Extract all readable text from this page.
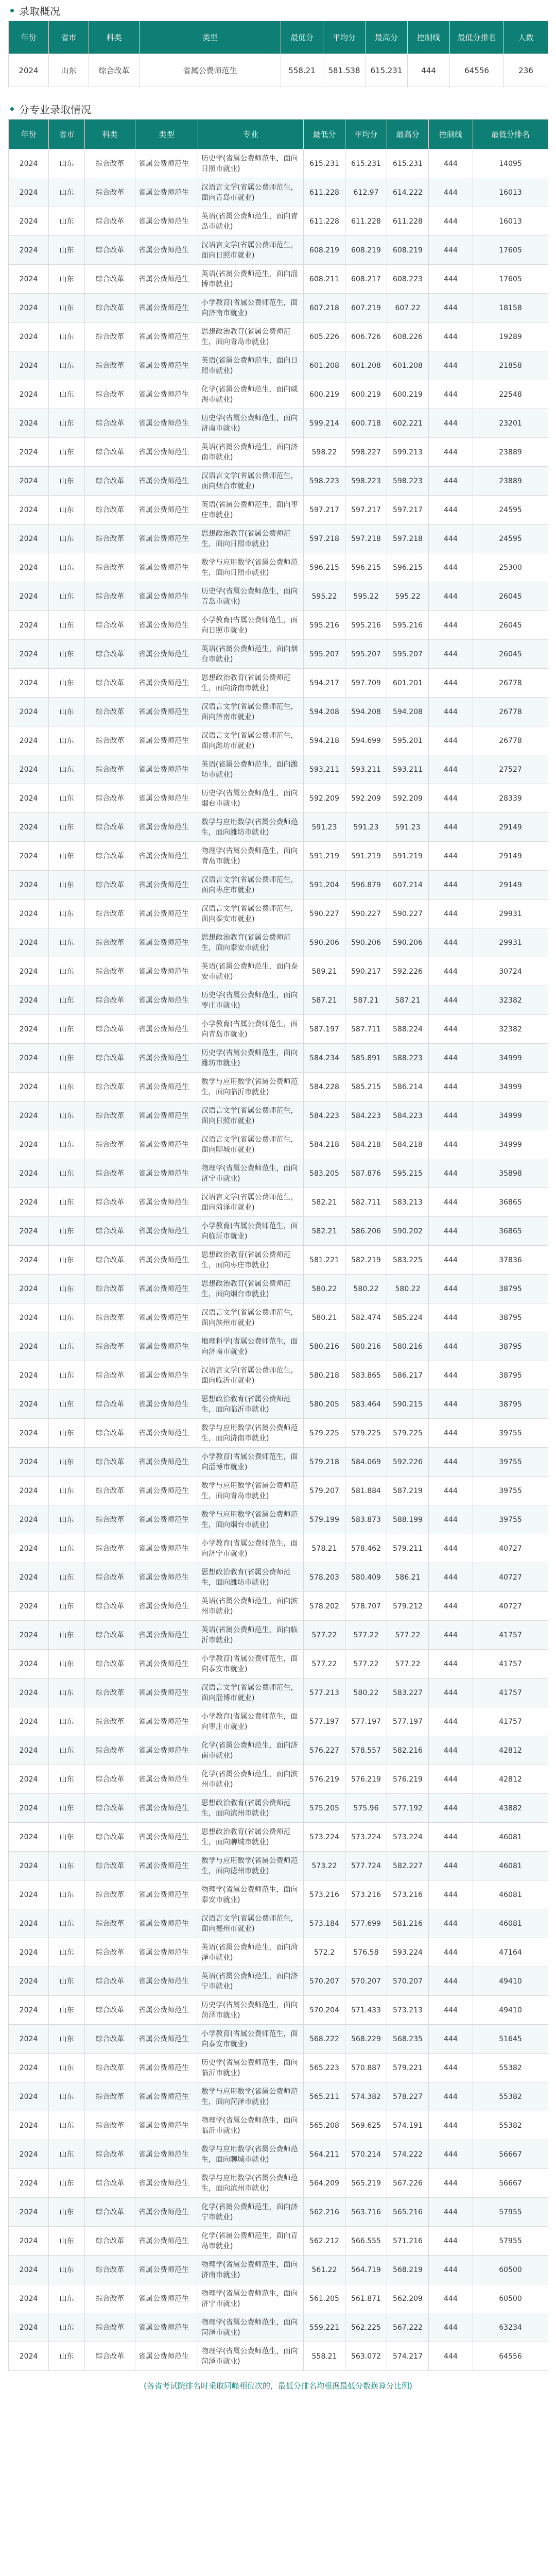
录取概况
年份	省市	科类	类型	最低分	平均分	最高分	控制线	最低分排名	人数
2024	山东	综合改革	省属公费师范生	558.21	581.538	615.231	444	64556	236
分专业录取情况
年份	省市	科类	类型	专业	最低分	平均分	最高分	控制线	最低分排名
2024	山东	综合改革	省属公费师范生	历史学(省属公费师范生，面向日照市就业)	615.231	615.231	615.231	444	14095
2024	山东	综合改革	省属公费师范生	汉语言文学(省属公费师范生，面向青岛市就业)	611.228	612.97	614.222	444	16013
2024	山东	综合改革	省属公费师范生	英语(省属公费师范生，面向青岛市就业)	611.228	611.228	611.228	444	16013
2024	山东	综合改革	省属公费师范生	汉语言文学(省属公费师范生，面向日照市就业)	608.219	608.219	608.219	444	17605
2024	山东	综合改革	省属公费师范生	英语(省属公费师范生，面向淄博市就业)	608.211	608.217	608.223	444	17605
2024	山东	综合改革	省属公费师范生	小学教育(省属公费师范生，面向济南市就业)	607.218	607.219	607.22	444	18158
2024	山东	综合改革	省属公费师范生	思想政治教育(省属公费师范生，面向青岛市就业)	605.226	606.726	608.226	444	19289
2024	山东	综合改革	省属公费师范生	英语(省属公费师范生，面向日照市就业)	601.208	601.208	601.208	444	21858
2024	山东	综合改革	省属公费师范生	化学(省属公费师范生，面向威海市就业)	600.219	600.219	600.219	444	22548
2024	山东	综合改革	省属公费师范生	历史学(省属公费师范生，面向济南市就业)	599.214	600.718	602.221	444	23201
2024	山东	综合改革	省属公费师范生	英语(省属公费师范生，面向济南市就业)	598.22	598.227	599.213	444	23889
2024	山东	综合改革	省属公费师范生	汉语言文学(省属公费师范生，面向烟台市就业)	598.223	598.223	598.223	444	23889
2024	山东	综合改革	省属公费师范生	英语(省属公费师范生，面向枣庄市就业)	597.217	597.217	597.217	444	24595
2024	山东	综合改革	省属公费师范生	思想政治教育(省属公费师范生，面向日照市就业)	597.218	597.218	597.218	444	24595
2024	山东	综合改革	省属公费师范生	数学与应用数学(省属公费师范生，面向日照市就业)	596.215	596.215	596.215	444	25300
2024	山东	综合改革	省属公费师范生	历史学(省属公费师范生，面向青岛市就业)	595.22	595.22	595.22	444	26045
2024	山东	综合改革	省属公费师范生	小学教育(省属公费师范生，面向日照市就业)	595.216	595.216	595.216	444	26045
2024	山东	综合改革	省属公费师范生	英语(省属公费师范生，面向烟台市就业)	595.207	595.207	595.207	444	26045
2024	山东	综合改革	省属公费师范生	思想政治教育(省属公费师范生，面向济南市就业)	594.217	597.709	601.201	444	26778
2024	山东	综合改革	省属公费师范生	汉语言文学(省属公费师范生，面向济南市就业)	594.208	594.208	594.208	444	26778
2024	山东	综合改革	省属公费师范生	汉语言文学(省属公费师范生，面向潍坊市就业)	594.218	594.699	595.201	444	26778
2024	山东	综合改革	省属公费师范生	英语(省属公费师范生，面向潍坊市就业)	593.211	593.211	593.211	444	27527
2024	山东	综合改革	省属公费师范生	历史学(省属公费师范生，面向烟台市就业)	592.209	592.209	592.209	444	28339
2024	山东	综合改革	省属公费师范生	数学与应用数学(省属公费师范生，面向潍坊市就业)	591.23	591.23	591.23	444	29149
2024	山东	综合改革	省属公费师范生	物理学(省属公费师范生，面向青岛市就业)	591.219	591.219	591.219	444	29149
2024	山东	综合改革	省属公费师范生	汉语言文学(省属公费师范生，面向枣庄市就业)	591.204	596.879	607.214	444	29149
2024	山东	综合改革	省属公费师范生	汉语言文学(省属公费师范生，面向泰安市就业)	590.227	590.227	590.227	444	29931
2024	山东	综合改革	省属公费师范生	思想政治教育(省属公费师范生，面向泰安市就业)	590.206	590.206	590.206	444	29931
2024	山东	综合改革	省属公费师范生	英语(省属公费师范生，面向泰安市就业)	589.21	590.217	592.226	444	30724
2024	山东	综合改革	省属公费师范生	历史学(省属公费师范生，面向枣庄市就业)	587.21	587.21	587.21	444	32382
2024	山东	综合改革	省属公费师范生	小学教育(省属公费师范生，面向青岛市就业)	587.197	587.711	588.224	444	32382
2024	山东	综合改革	省属公费师范生	历史学(省属公费师范生，面向潍坊市就业)	584.234	585.891	588.223	444	34999
2024	山东	综合改革	省属公费师范生	数学与应用数学(省属公费师范生，面向临沂市就业)	584.228	585.215	586.214	444	34999
2024	山东	综合改革	省属公费师范生	汉语言文学(省属公费师范生，面向日照市就业)	584.223	584.223	584.223	444	34999
2024	山东	综合改革	省属公费师范生	汉语言文学(省属公费师范生，面向聊城市就业)	584.218	584.218	584.218	444	34999
2024	山东	综合改革	省属公费师范生	物理学(省属公费师范生，面向济宁市就业)	583.205	587.876	595.215	444	35898
2024	山东	综合改革	省属公费师范生	汉语言文学(省属公费师范生，面向菏泽市就业)	582.21	582.711	583.213	444	36865
2024	山东	综合改革	省属公费师范生	小学教育(省属公费师范生，面向临沂市就业)	582.21	586.206	590.202	444	36865
2024	山东	综合改革	省属公费师范生	思想政治教育(省属公费师范生，面向枣庄市就业)	581.221	582.219	583.225	444	37836
2024	山东	综合改革	省属公费师范生	思想政治教育(省属公费师范生，面向烟台市就业)	580.22	580.22	580.22	444	38795
2024	山东	综合改革	省属公费师范生	汉语言文学(省属公费师范生，面向滨州市就业)	580.21	582.474	585.224	444	38795
2024	山东	综合改革	省属公费师范生	地理科学(省属公费师范生，面向济南市就业)	580.216	580.216	580.216	444	38795
2024	山东	综合改革	省属公费师范生	汉语言文学(省属公费师范生，面向临沂市就业)	580.218	583.865	586.217	444	38795
2024	山东	综合改革	省属公费师范生	思想政治教育(省属公费师范生，面向临沂市就业)	580.205	583.464	590.215	444	38795
2024	山东	综合改革	省属公费师范生	数学与应用数学(省属公费师范生，面向济南市就业)	579.225	579.225	579.225	444	39755
2024	山东	综合改革	省属公费师范生	小学教育(省属公费师范生，面向淄博市就业)	579.218	584.069	592.226	444	39755
2024	山东	综合改革	省属公费师范生	数学与应用数学(省属公费师范生，面向青岛市就业)	579.207	581.884	587.219	444	39755
2024	山东	综合改革	省属公费师范生	数学与应用数学(省属公费师范生，面向烟台市就业)	579.199	583.873	588.199	444	39755
2024	山东	综合改革	省属公费师范生	小学教育(省属公费师范生，面向济宁市就业)	578.21	578.462	579.211	444	40727
2024	山东	综合改革	省属公费师范生	思想政治教育(省属公费师范生，面向潍坊市就业)	578.203	580.409	586.21	444	40727
2024	山东	综合改革	省属公费师范生	英语(省属公费师范生，面向滨州市就业)	578.202	578.707	579.212	444	40727
2024	山东	综合改革	省属公费师范生	英语(省属公费师范生，面向临沂市就业)	577.22	577.22	577.22	444	41757
2024	山东	综合改革	省属公费师范生	小学教育(省属公费师范生，面向泰安市就业)	577.22	577.22	577.22	444	41757
2024	山东	综合改革	省属公费师范生	汉语言文学(省属公费师范生，面向淄博市就业)	577.213	580.22	583.227	444	41757
2024	山东	综合改革	省属公费师范生	小学教育(省属公费师范生，面向枣庄市就业)	577.197	577.197	577.197	444	41757
2024	山东	综合改革	省属公费师范生	化学(省属公费师范生，面向济南市就业)	576.227	578.557	582.216	444	42812
2024	山东	综合改革	省属公费师范生	化学(省属公费师范生，面向滨州市就业)	576.219	576.219	576.219	444	42812
2024	山东	综合改革	省属公费师范生	思想政治教育(省属公费师范生，面向滨州市就业)	575.205	575.96	577.192	444	43882
2024	山东	综合改革	省属公费师范生	思想政治教育(省属公费师范生，面向聊城市就业)	573.224	573.224	573.224	444	46081
2024	山东	综合改革	省属公费师范生	数学与应用数学(省属公费师范生，面向德州市就业)	573.22	577.724	582.227	444	46081
2024	山东	综合改革	省属公费师范生	物理学(省属公费师范生，面向泰安市就业)	573.216	573.216	573.216	444	46081
2024	山东	综合改革	省属公费师范生	汉语言文学(省属公费师范生，面向德州市就业)	573.184	577.699	581.216	444	46081
2024	山东	综合改革	省属公费师范生	英语(省属公费师范生，面向菏泽市就业)	572.2	576.58	593.224	444	47164
2024	山东	综合改革	省属公费师范生	英语(省属公费师范生，面向济宁市就业)	570.207	570.207	570.207	444	49410
2024	山东	综合改革	省属公费师范生	历史学(省属公费师范生，面向菏泽市就业)	570.204	571.433	573.213	444	49410
2024	山东	综合改革	省属公费师范生	小学教育(省属公费师范生，面向泰安市就业)	568.222	568.229	568.235	444	51645
2024	山东	综合改革	省属公费师范生	历史学(省属公费师范生，面向临沂市就业)	565.223	570.887	579.221	444	55382
2024	山东	综合改革	省属公费师范生	数学与应用数学(省属公费师范生，面向菏泽市就业)	565.211	574.382	578.227	444	55382
2024	山东	综合改革	省属公费师范生	物理学(省属公费师范生，面向临沂市就业)	565.208	569.625	574.191	444	55382
2024	山东	综合改革	省属公费师范生	数学与应用数学(省属公费师范生，面向聊城市就业)	564.211	570.214	574.222	444	56667
2024	山东	综合改革	省属公费师范生	数学与应用数学(省属公费师范生，面向滨州市就业)	564.209	565.219	567.226	444	56667
2024	山东	综合改革	省属公费师范生	化学(省属公费师范生，面向济宁市就业)	562.216	563.716	565.216	444	57955
2024	山东	综合改革	省属公费师范生	化学(省属公费师范生，面向青岛市就业)	562.212	566.555	571.216	444	57955
2024	山东	综合改革	省属公费师范生	物理学(省属公费师范生，面向济南市就业)	561.22	564.719	568.219	444	60500
2024	山东	综合改革	省属公费师范生	物理学(省属公费师范生，面向济宁市就业)	561.205	561.871	562.209	444	60500
2024	山东	综合改革	省属公费师范生	物理学(省属公费师范生，面向菏泽市就业)	559.221	562.225	567.222	444	63234
2024	山东	综合改革	省属公费师范生	物理学(省属公费师范生，面向菏泽市就业)	558.21	563.072	574.217	444	64556
(各省考试院排名时采取同峰相位次的，最低分排名均根据最低分数换算分比例)
